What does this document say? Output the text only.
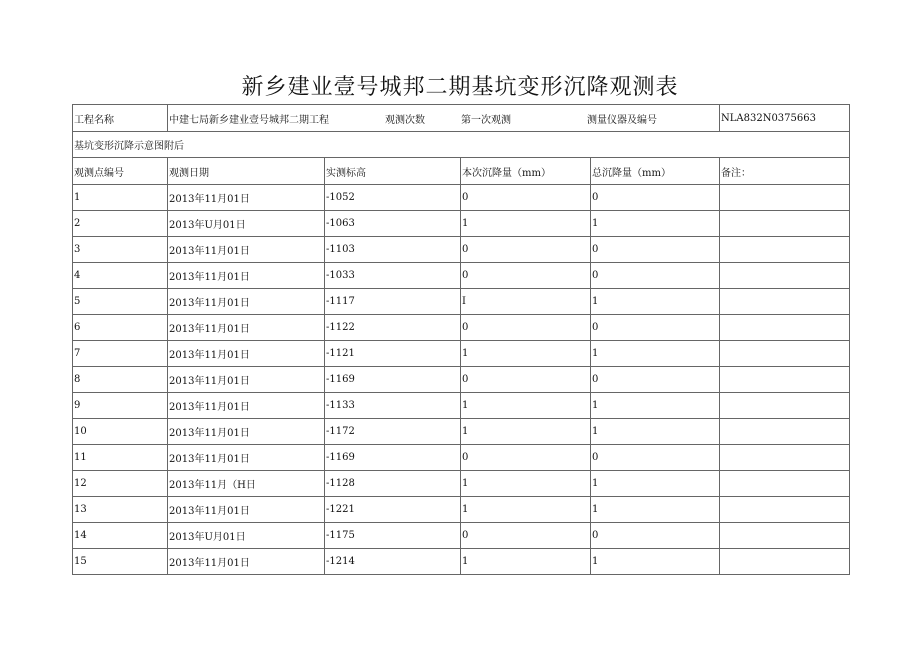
新乡建业壹号城邦二期基坑变形沉降观测表
工程名称	中建七局新乡建业壹号城邦二期工程 观测次数 第一次观测 测量仪器及编号				NLA832N0375663
基坑变形沉降示意图附后					
观测点编号	观测日期	实测标高	本次沉降量（mm）	总沉降量（mm）	备注：
1	2013年11月01日	-1052	0	0	
2	2013年U月01日	-1063	1	1	
3	2013年11月01日	-1103	0	0	
4	2013年11月01日	-1033	0	0	
5	2013年11月01日	-1117	I	1	
6	2013年11月01日	-1122	0	0	
7	2013年11月01日	-1121	1	1	
8	2013年11月01日	-1169	0	0	
9	2013年11月01日	-1133	1	1	
10	2013年11月01日	-1172	1	1	
11	2013年11月01日	-1169	0	0	
12	2013年11月（H日	-1128	1	1	
13	2013年11月01日	-1221	1	1	
14	2013年U月01日	-1175	0	0	
15	2013年11月01日	-1214	1	1	
